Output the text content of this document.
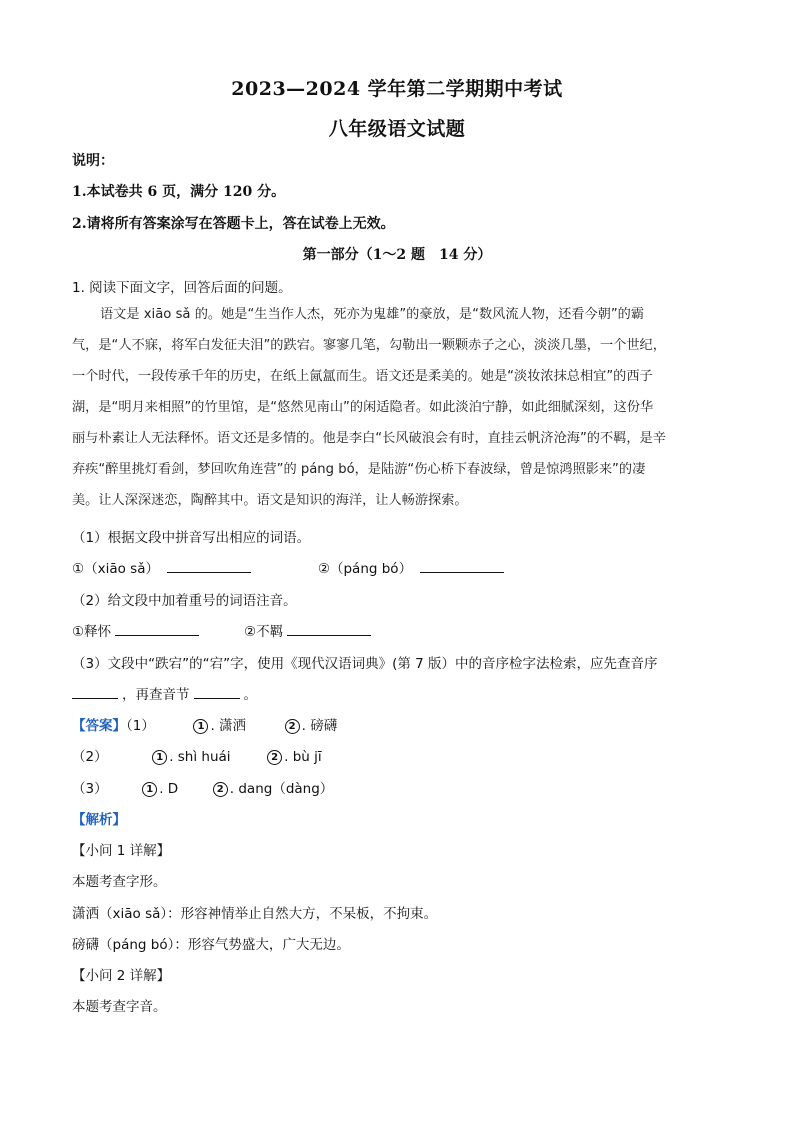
2023—2024 学年第二学期期中考试
八年级语文试题
说明：
1.本试卷共 6 页，满分 120 分。
2.请将所有答案涂写在答题卡上，答在试卷上无效。
第一部分（1～2 题　14 分）
1. 阅读下面文字，回答后面的问题。
语文是 xiāo sǎ 的。她是“生当作人杰，死亦为鬼雄”的豪放，是“数风流人物，还看今朝”的霸
气，是“人不寐，将军白发征夫泪”的跌宕。寥寥几笔，勾勒出一颗颗赤子之心，淡淡几墨，一个世纪，
一个时代，一段传承千年的历史，在纸上氤氲而生。语文还是柔美的。她是“淡妆浓抹总相宜”的西子
湖，是“明月来相照”的竹里馆，是“悠然见南山”的闲适隐者。如此淡泊宁静，如此细腻深刻，这份华
丽与朴素让人无法释怀。语文还是多情的。他是李白“长风破浪会有时，直挂云帆济沧海”的不羁，是辛
弃疾“醉里挑灯看剑，梦回吹角连营”的 páng bó，是陆游“伤心桥下春波绿，曾是惊鸿照影来”的凄
美。让人深深迷恋，陶醉其中。语文是知识的海洋，让人畅游探索。
（1）根据文段中拼音写出相应的词语。
①（xiāo sǎ）	②（páng bó）
（2）给文段中加着重号的词语注音。
①释怀	②不羁
（3）文段中“跌宕”的“宕”字，使用《现代汉语词典》(第 7 版）中的音序检字法检索，应先查音序
，再查音节	。
【答案】（1）	1 . 潇洒	2 . 磅礴
（2）	1 . shì huái	2 . bù jī
（3）	1 . D	2 . dang（dàng）
【解析】
【小问 1 详解】
本题考查字形。
潇洒（xiāo sǎ）：形容神情举止自然大方，不呆板，不拘束。
磅礴（páng bó）：形容气势盛大，广大无边。
【小问 2 详解】
本题考查字音。
